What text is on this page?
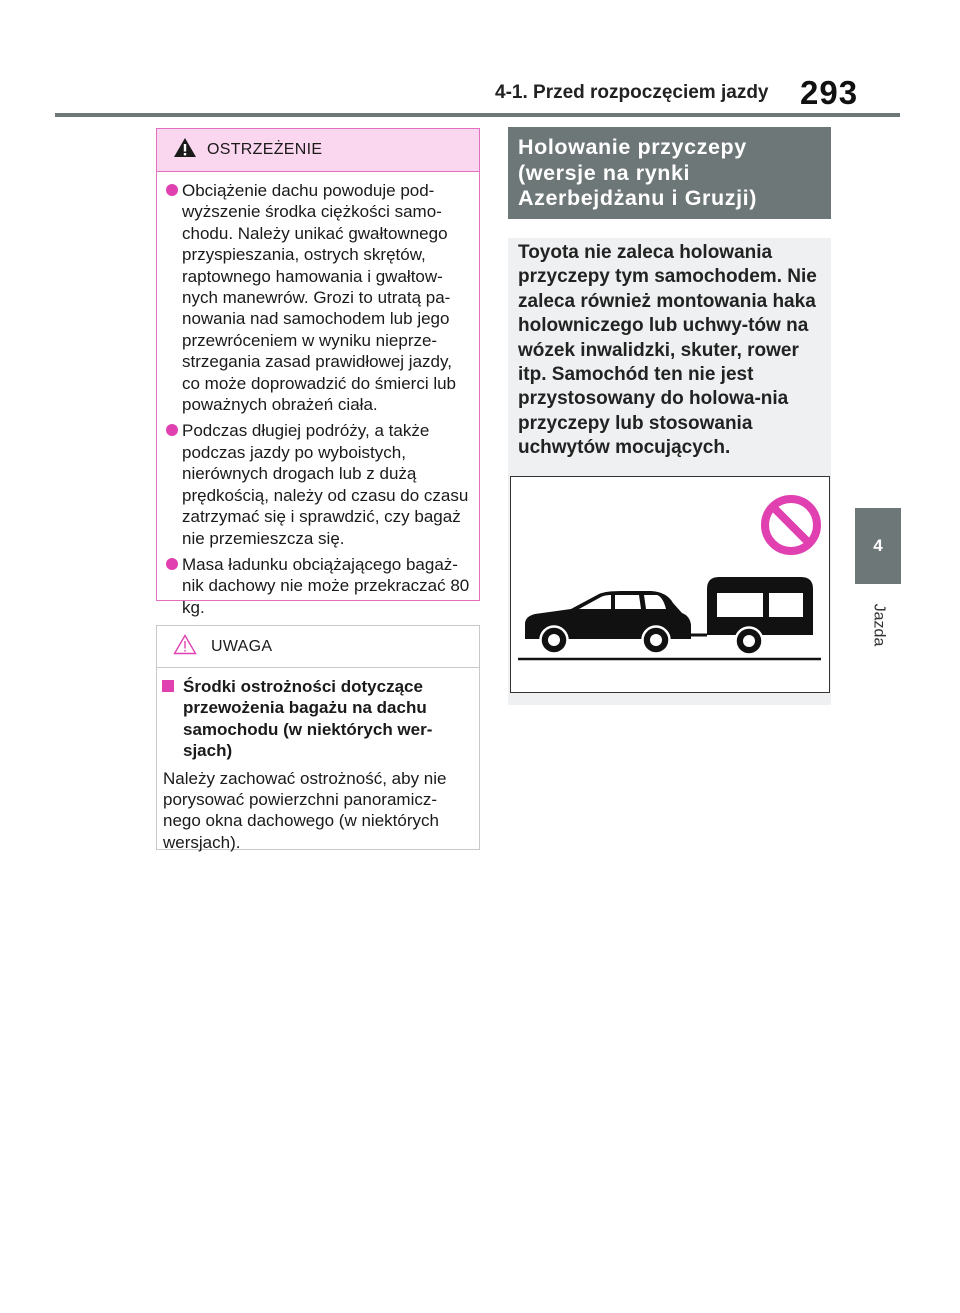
4-1. Przed rozpoczęciem jazdy 293
4
Jazda
OSTRZEŻENIE
Obciążenie dachu powoduje pod-wyższenie środka ciężkości samo-chodu. Należy unikać gwałtownego przyspieszania, ostrych skrętów, raptownego hamowania i gwałtow-nych manewrów. Grozi to utratą pa-nowania nad samochodem lub jego przewróceniem w wyniku nieprze-strzegania zasad prawidłowej jazdy, co może doprowadzić do śmierci lub poważnych obrażeń ciała.
Podczas długiej podróży, a także podczas jazdy po wyboistych, nierównych drogach lub z dużą prędkością, należy od czasu do czasu zatrzymać się i sprawdzić, czy bagaż nie przemieszcza się.
Masa ładunku obciążającego bagaż-nik dachowy nie może przekraczać 80 kg.
UWAGA
Środki ostrożności dotyczące przewożenia bagażu na dachu samochodu (w niektórych wer-sjach)
Należy zachować ostrożność, aby nie porysować powierzchni panoramicz-nego okna dachowego (w niektórych wersjach).
Holowanie przyczepy (wersje na rynki Azerbejdżanu i Gruzji)
Toyota nie zaleca holowania przyczepy tym samochodem. Nie zaleca również montowania haka holowniczego lub uchwy-tów na wózek inwalidzki, skuter, rower itp. Samochód ten nie jest przystosowany do holowa-nia przyczepy lub stosowania uchwytów mocujących.
